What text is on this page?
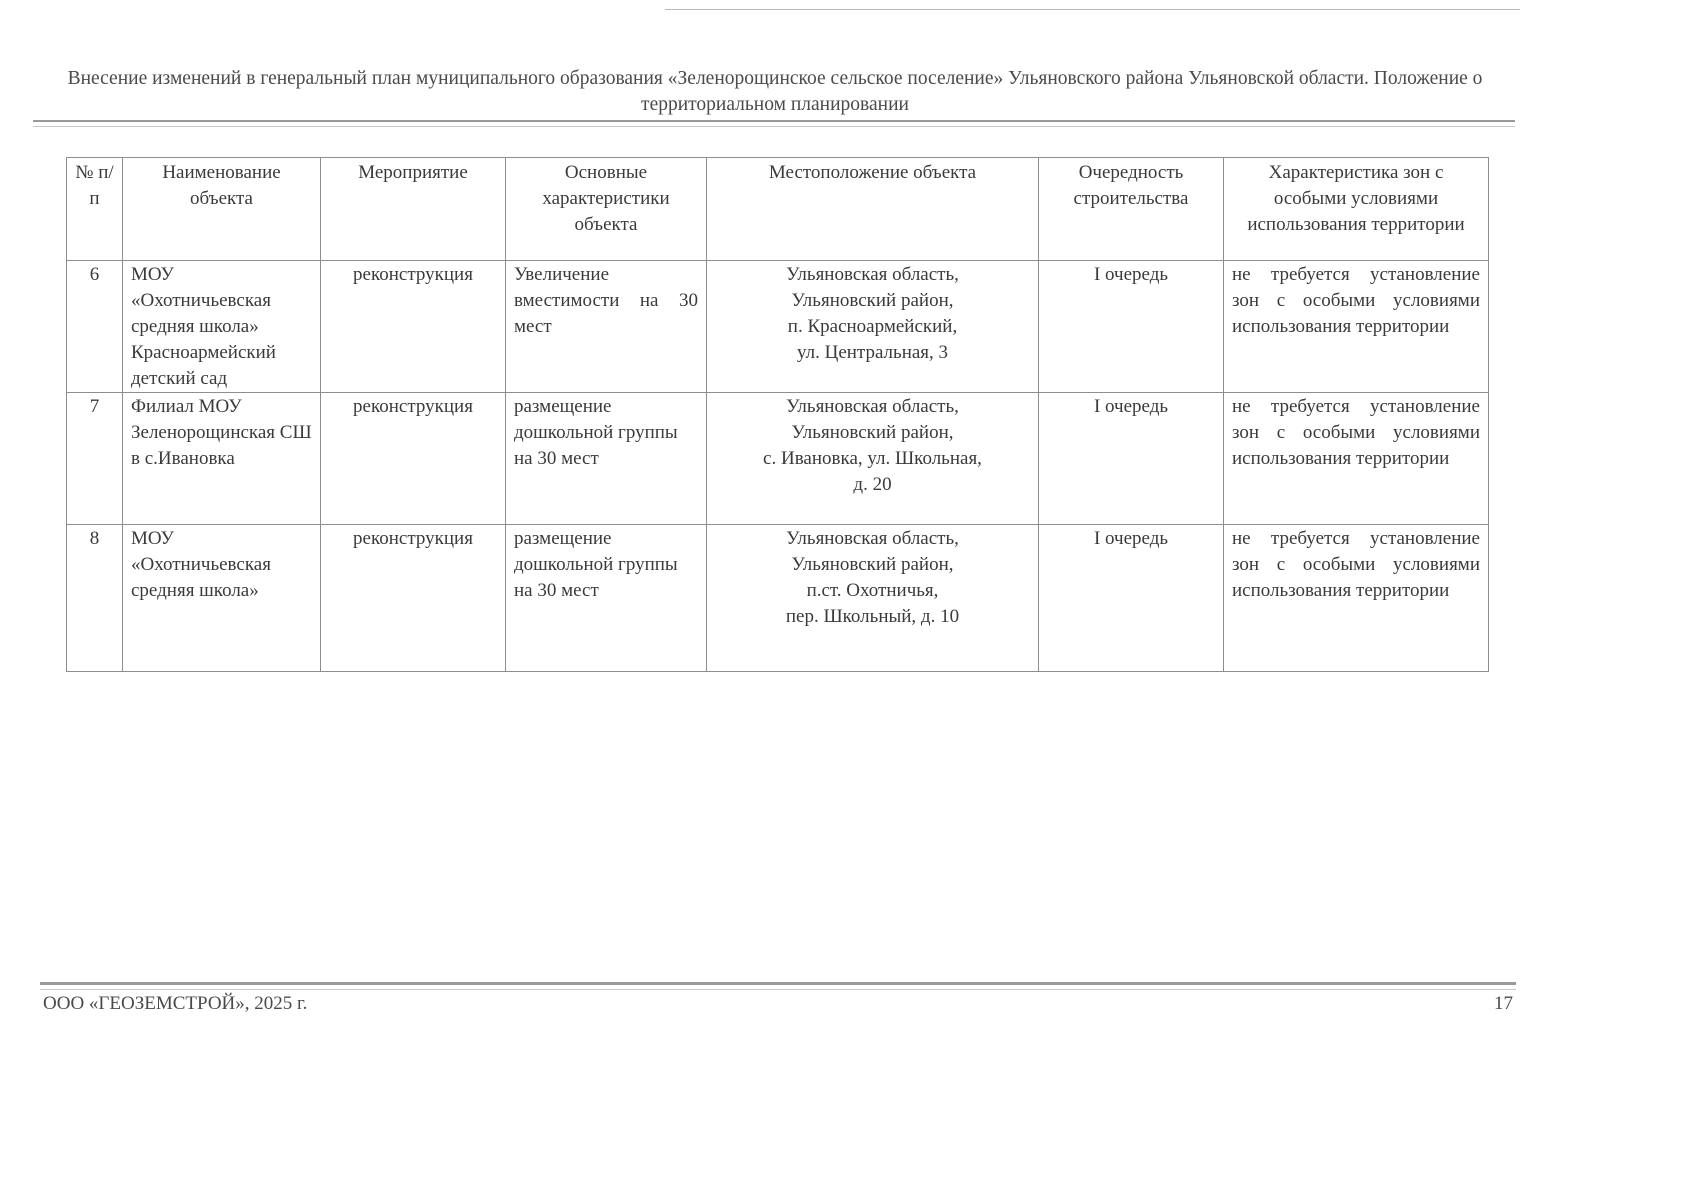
Внесение изменений в генеральный план муниципального образования «Зеленорощинское сельское поселение» Ульяновского района Ульяновской области. Положение о территориальном планировании
№ п/п	Наименование объекта	Мероприятие	Основные характеристики объекта	Местоположение объекта	Очередность строительства	Характеристика зон с особыми условиями использования территории
6	МОУ «Охотничьевская средняя школа» Красноармейский детский сад	реконструкция	Увеличение вместимости на 30 мест	Ульяновская область,
Ульяновский район,
п. Красноармейский,
ул. Центральная, 3	I очередь	не требуется установление зон с особыми условиями использования территории
7	Филиал МОУ Зеленорощинская СШ в с.Ивановка	реконструкция	размещение дошкольной группы на 30 мест	Ульяновская область,
Ульяновский район,
с. Ивановка, ул. Школьная,
д. 20	I очередь	не требуется установление зон с особыми условиями использования территории
8	МОУ «Охотничьевская средняя школа»	реконструкция	размещение дошкольной группы на 30 мест	Ульяновская область,
Ульяновский район,
п.ст. Охотничья,
пер. Школьный, д. 10	I очередь	не требуется установление зон с особыми условиями использования территории
ООО «ГЕОЗЕМСТРОЙ», 2025 г.	17
